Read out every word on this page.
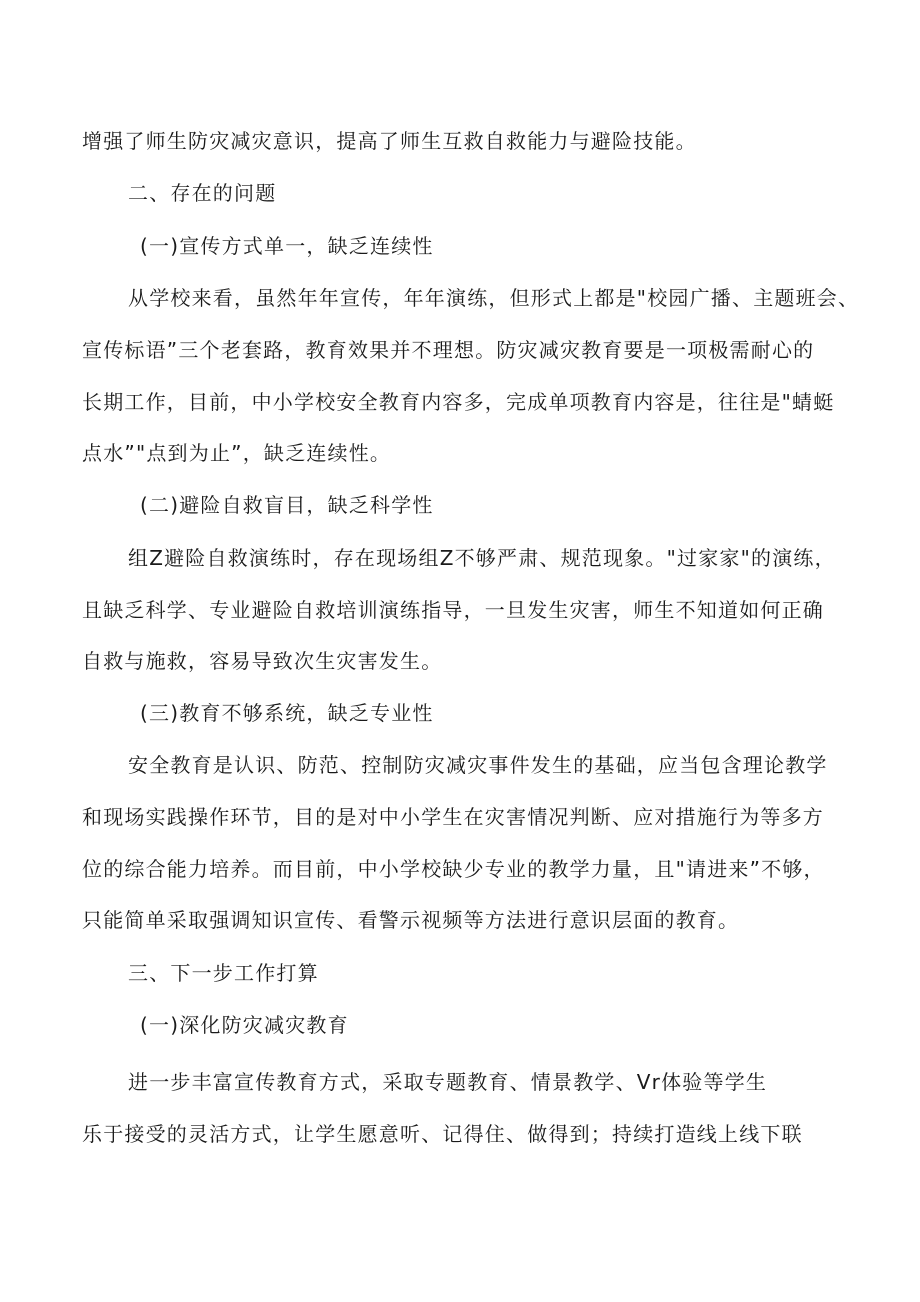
增强了师生防灾减灾意识，提高了师生互救自救能力与避险技能。
二、存在的问题
(一)宣传方式单一，缺乏连续性
从学校来看，虽然年年宣传，年年演练，但形式上都是"校园广播、主题班会、
宣传标语”三个老套路，教育效果并不理想。防灾减灾教育要是一项极需耐心的
长期工作，目前，中小学校安全教育内容多，完成单项教育内容是，往往是"蜻蜓
点水”"点到为止”，缺乏连续性。
(二)避险自救盲目，缺乏科学性
组Z避险自救演练时，存在现场组Z不够严肃、规范现象。"过家家"的演练，
且缺乏科学、专业避险自救培训演练指导，一旦发生灾害，师生不知道如何正确
自救与施救，容易导致次生灾害发生。
(三)教育不够系统，缺乏专业性
安全教育是认识、防范、控制防灾减灾事件发生的基础，应当包含理论教学
和现场实践操作环节，目的是对中小学生在灾害情况判断、应对措施行为等多方
位的综合能力培养。而目前，中小学校缺少专业的教学力量，且"请进来”不够，
只能简单采取强调知识宣传、看警示视频等方法进行意识层面的教育。
三、下一步工作打算
(一)深化防灾减灾教育
进一步丰富宣传教育方式，采取专题教育、情景教学、Vr体验等学生
乐于接受的灵活方式，让学生愿意听、记得住、做得到；持续打造线上线下联
